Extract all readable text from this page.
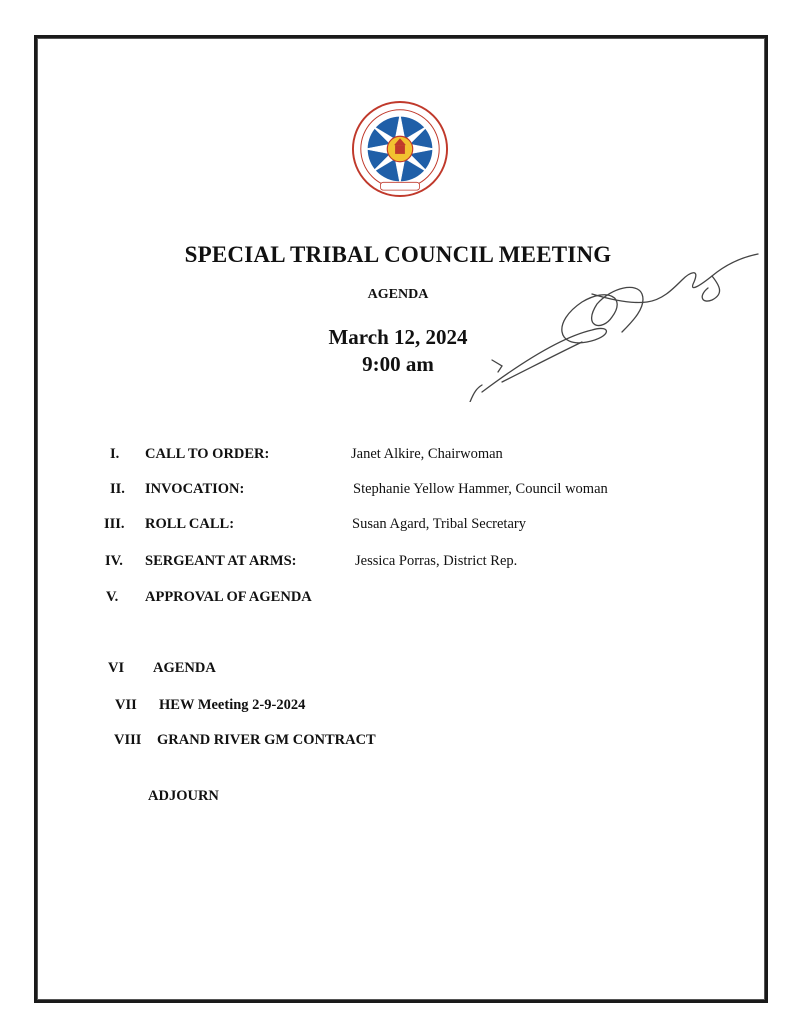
SPECIAL TRIBAL COUNCIL MEETING
AGENDA
March 12, 2024
9:00 am
I. CALL TO ORDER:	Janet Alkire, Chairwoman
II. INVOCATION:	Stephanie Yellow Hammer, Council woman
III. ROLL CALL:	Susan Agard, Tribal Secretary
IV. SERGEANT AT ARMS:	Jessica Porras, District Rep.
V. APPROVAL OF AGENDA
VI AGENDA
VII HEW Meeting 2-9-2024
VIII GRAND RIVER GM CONTRACT
ADJOURN
